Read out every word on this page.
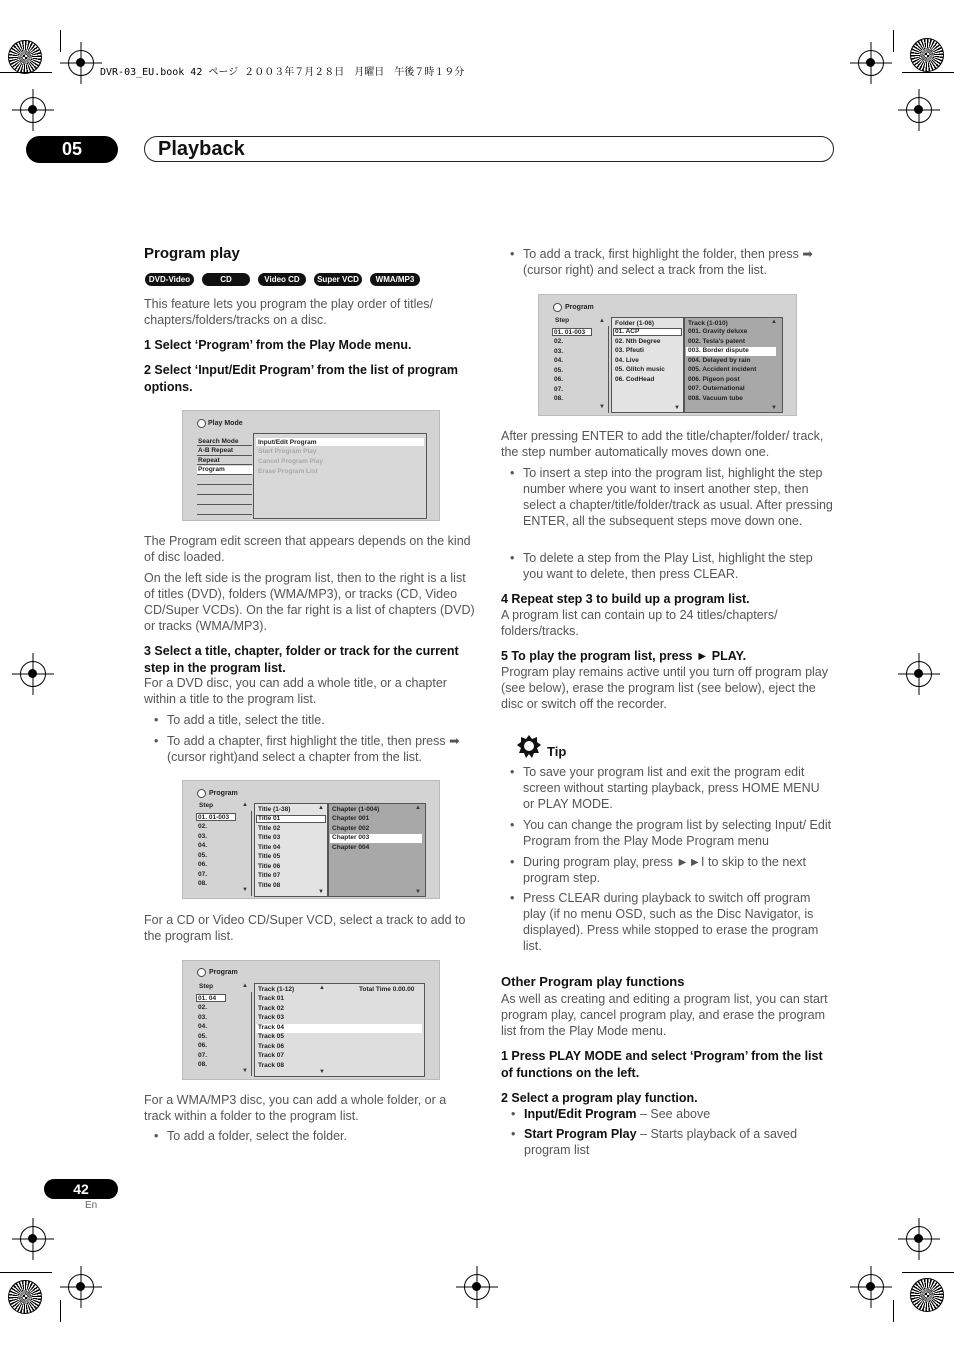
DVR-03_EU.book 42 ページ ２００３年７月２８日　月曜日　午後７時１９分
05	Playback
Program play
DVD-Video	CD	Video CD	Super VCD	WMA/MP3
This feature lets you program the play order of titles/ chapters/folders/tracks on a disc.
1 Select ‘Program’ from the Play Mode menu.
2 Select ‘Input/Edit Program’ from the list of program options.
Play Mode
Search Mode
A-B Repeat
Repeat
Program
Input/Edit Program
Start Program Play
Cancel Program Play
Erase Program List
The Program edit screen that appears depends on the kind of disc loaded.
On the left side is the program list, then to the right is a list of titles (DVD), folders (WMA/MP3), or tracks (CD, Video CD/Super VCDs). On the far right is a list of chapters (DVD) or tracks (WMA/MP3).
3 Select a title, chapter, folder or track for the current step in the program list.
For a DVD disc, you can add a whole title, or a chapter within a title to the program list.
• To add a title, select the title.
• To add a chapter, first highlight the title, then press ➡ (cursor right)and select a chapter from the list.
Program
Step	▲
01. 01-003
02.
03.
04.
05.
06.
07.
08.
▼
Title (1-38)	▲
Title 01
Title 02
Title 03
Title 04
Title 05
Title 06
Title 07
Title 08
▼
Chapter (1-004)	▲
Chapter 001
Chapter 002
Chapter 003
Chapter 004
▼
For a CD or Video CD/Super VCD, select a track to add to the program list.
Program
Step	▲
01. 04
02.
03.
04.
05.
06.
07.
08.
▼
Track (1-12)	▲	Total Time 0.00.00
Track 01
Track 02
Track 03
Track 04
Track 05
Track 06
Track 07
Track 08
▼
For a WMA/MP3 disc, you can add a whole folder, or a track within a folder to the program list.
• To add a folder, select the folder.
• To add a track, first highlight the folder, then press ➡ (cursor right) and select a track from the list.
Program
Step	▲
01. 01-003
02.
03.
04.
05.
06.
07.
08.
▼
Folder (1-06)
01. ACP
02. Nth Degree
03. Pfeuti
04. Live
05. Glitch music
06. CodHead
▼
Track (1-010)	▲
001. Gravity deluxe
002. Tesla's patent
003. Border dispute
004. Delayed by rain
005. Accident incident
006. Pigeon post
007. Outernational
008. Vacuum tube
▼
After pressing ENTER to add the title/chapter/folder/ track, the step number automatically moves down one.
• To insert a step into the program list, highlight the step number where you want to insert another step, then select a chapter/title/folder/track as usual. After pressing ENTER, all the subsequent steps move down one.
• To delete a step from the Play List, highlight the step you want to delete, then press CLEAR.
4 Repeat step 3 to build up a program list.
A program list can contain up to 24 titles/chapters/ folders/tracks.
5 To play the program list, press ► PLAY.
Program play remains active until you turn off program play (see below), erase the program list (see below), eject the disc or switch off the recorder.
Tip
• To save your program list and exit the program edit screen without starting playback, press HOME MENU or PLAY MODE.
• You can change the program list by selecting Input/ Edit Program from the Play Mode Program menu
• During program play, press ►►I to skip to the next program step.
• Press CLEAR during playback to switch off program play (if no menu OSD, such as the Disc Navigator, is displayed). Press while stopped to erase the program list.
Other Program play functions
As well as creating and editing a program list, you can start program play, cancel program play, and erase the program list from the Play Mode menu.
1 Press PLAY MODE and select ‘Program’ from the list of functions on the left.
2 Select a program play function.
• Input/Edit Program – See above
• Start Program Play – Starts playback of a saved program list
42
En
